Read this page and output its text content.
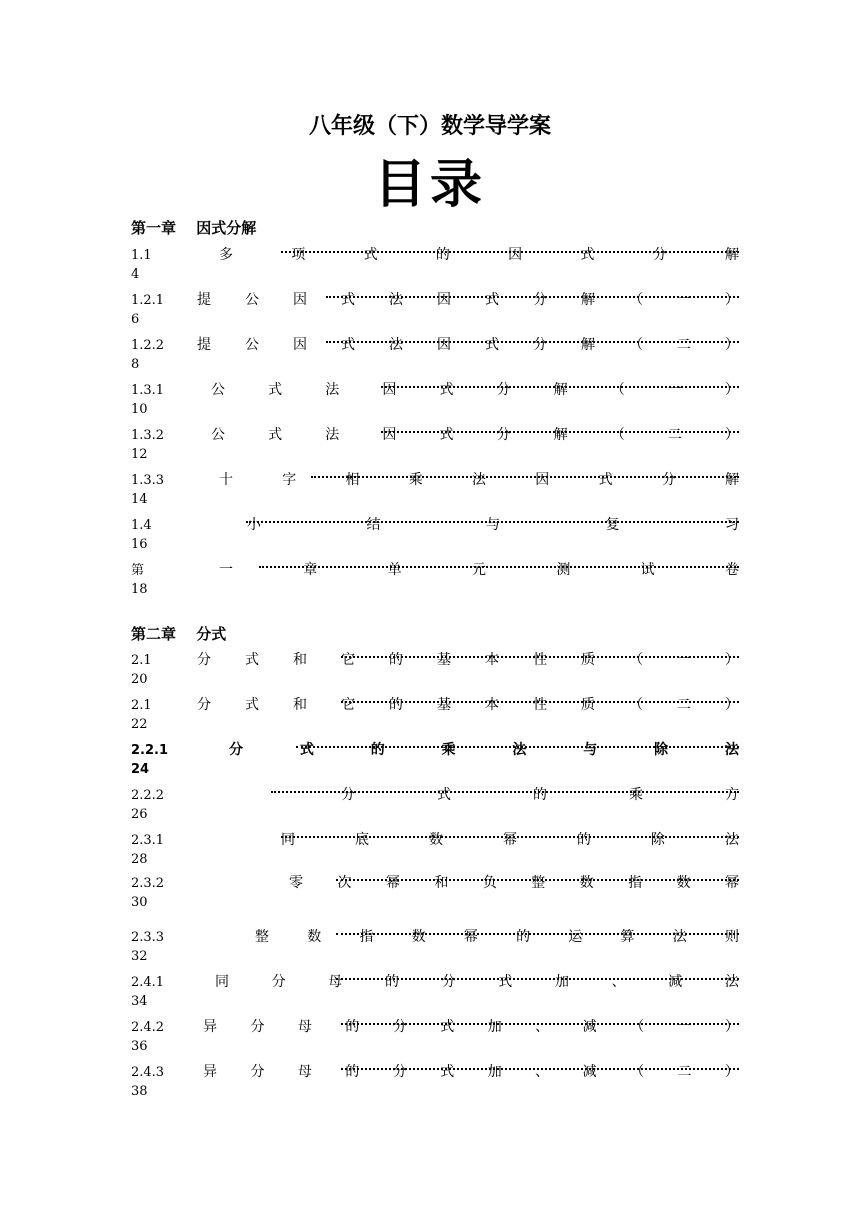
八年级（下）数学导学案
目录
第一章　 因式分解
1.1	多	项	式	的	因	式	分	解
4
1.2.1 提 公 因 式 法 因 式 分 解 （ 一 ）
6
1.2.2 提 公 因 式 法 因 式 分 解 （ 二 ）
8
1.3.1	公	式	法	因	式	分	解	（	一	）
10
1.3.2	公	式	法	因	式	分	解	（	二	）
12
1.3.3	十	字	相	乘	法	因	式	分	解
14
1.4	小	结	与	复	习
16
第	一	章	单	元	测	试	卷
18
第二章　 分式
2.1	分 式 和 它 的 基 本 性 质 （ 一 ）
20
2.1	分 式 和 它 的 基 本 性 质 （ 二 ）
22
2.2.1	分	式	的	乘	法	与	除	法
24
2.2.2	分	式	的	乘	方
26
2.3.1	同	底	数	幂	的	除	法
28
2.3.2	零 次 幂 和 负 整 数 指 数 幂
30
2.3.3	整	数	指	数	幂	的	运	算	法	则
32
2.4.1	同	分	母	的	分	式	加	、	减	法
34
2.4.2	异 分 母 的 分 式 加 、 减 （ 一 ）
36
2.4.3	异 分 母 的 分 式 加 、 减 （ 二 ）
38
